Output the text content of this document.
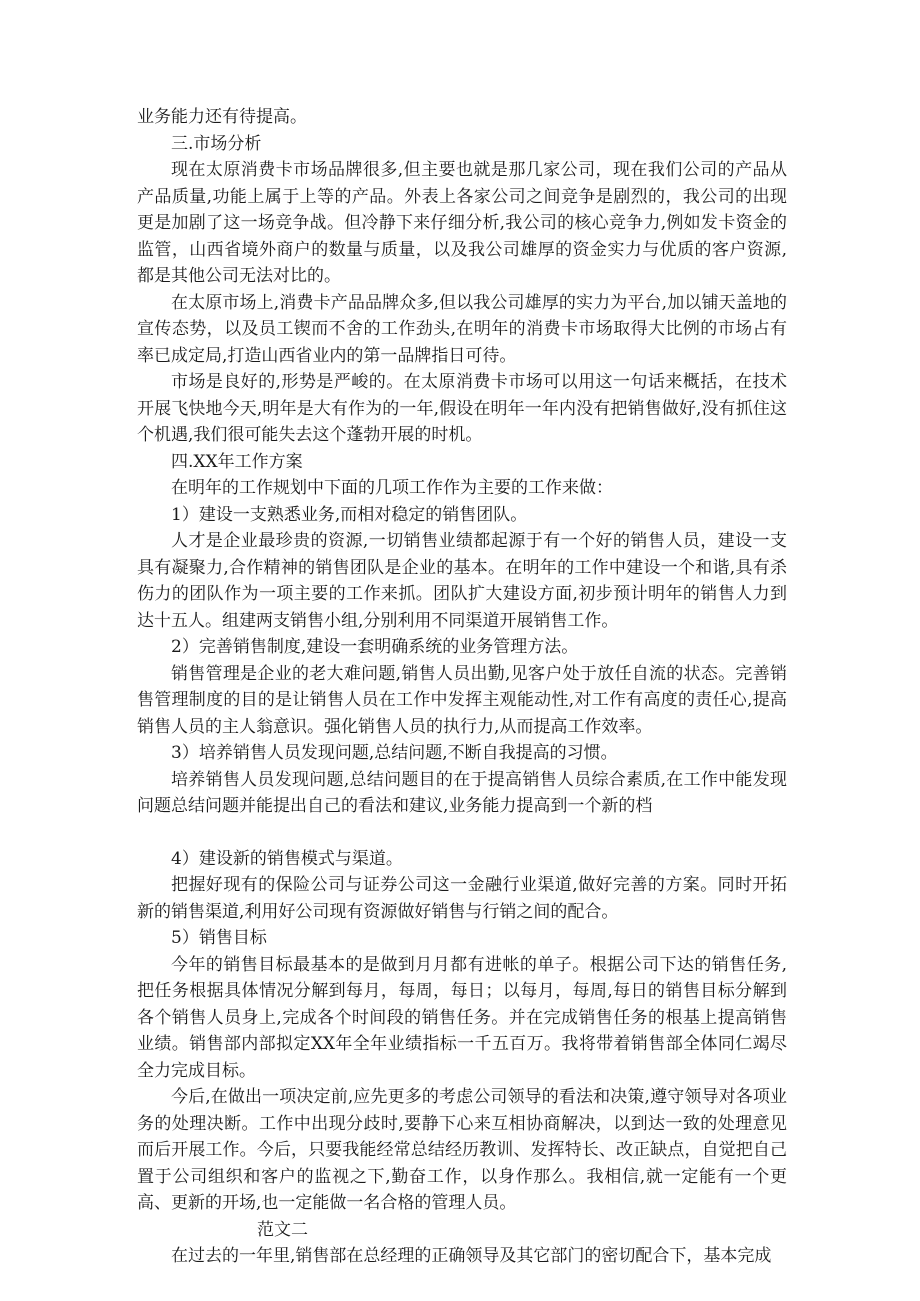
业务能力还有待提高。

三.市场分析

现在太原消费卡市场品牌很多,但主要也就是那几家公司，现在我们公司的产品从产品质量,功能上属于上等的产品。外表上各家公司之间竞争是剧烈的，我公司的出现更是加剧了这一场竞争战。但冷静下来仔细分析,我公司的核心竞争力,例如发卡资金的监管，山西省境外商户的数量与质量，以及我公司雄厚的资金实力与优质的客户资源,都是其他公司无法对比的。

在太原市场上,消费卡产品品牌众多,但以我公司雄厚的实力为平台,加以铺天盖地的宣传态势，以及员工锲而不舍的工作劲头,在明年的消费卡市场取得大比例的市场占有率已成定局,打造山西省业内的第一品牌指日可待。

市场是良好的,形势是严峻的。在太原消费卡市场可以用这一句话来概括，在技术开展飞快地今天,明年是大有作为的一年,假设在明年一年内没有把销售做好,没有抓住这个机遇,我们很可能失去这个蓬勃开展的时机。

四.XX年工作方案

在明年的工作规划中下面的几项工作作为主要的工作来做：

1）建设一支熟悉业务,而相对稳定的销售团队。

人才是企业最珍贵的资源,一切销售业绩都起源于有一个好的销售人员，建设一支具有凝聚力,合作精神的销售团队是企业的基本。在明年的工作中建设一个和谐,具有杀伤力的团队作为一项主要的工作来抓。团队扩大建设方面,初步预计明年的销售人力到达十五人。组建两支销售小组,分别利用不同渠道开展销售工作。

2）完善销售制度,建设一套明确系统的业务管理方法。

销售管理是企业的老大难问题,销售人员出勤,见客户处于放任自流的状态。完善销售管理制度的目的是让销售人员在工作中发挥主观能动性,对工作有高度的责任心,提高销售人员的主人翁意识。强化销售人员的执行力,从而提高工作效率。

3）培养销售人员发现问题,总结问题,不断自我提高的习惯。

培养销售人员发现问题,总结问题目的在于提高销售人员综合素质,在工作中能发现问题总结问题并能提出自己的看法和建议,业务能力提高到一个新的档

4）建设新的销售模式与渠道。

把握好现有的保险公司与证券公司这一金融行业渠道,做好完善的方案。同时开拓新的销售渠道,利用好公司现有资源做好销售与行销之间的配合。

5）销售目标

今年的销售目标最基本的是做到月月都有进帐的单子。根据公司下达的销售任务,把任务根据具体情况分解到每月，每周，每日；以每月，每周,每日的销售目标分解到各个销售人员身上,完成各个时间段的销售任务。并在完成销售任务的根基上提高销售业绩。销售部内部拟定XX年全年业绩指标一千五百万。我将带着销售部全体同仁竭尽全力完成目标。

今后,在做出一项决定前,应先更多的考虑公司领导的看法和决策,遵守领导对各项业务的处理决断。工作中出现分歧时,要静下心来互相协商解决，以到达一致的处理意见而后开展工作。今后，只要我能经常总结经历教训、发挥特长、改正缺点，自觉把自己置于公司组织和客户的监视之下,勤奋工作，以身作那么。我相信,就一定能有一个更高、更新的开场,也一定能做一名合格的管理人员。

范文二

在过去的一年里,销售部在总经理的正确领导及其它部门的密切配合下，基本完成
